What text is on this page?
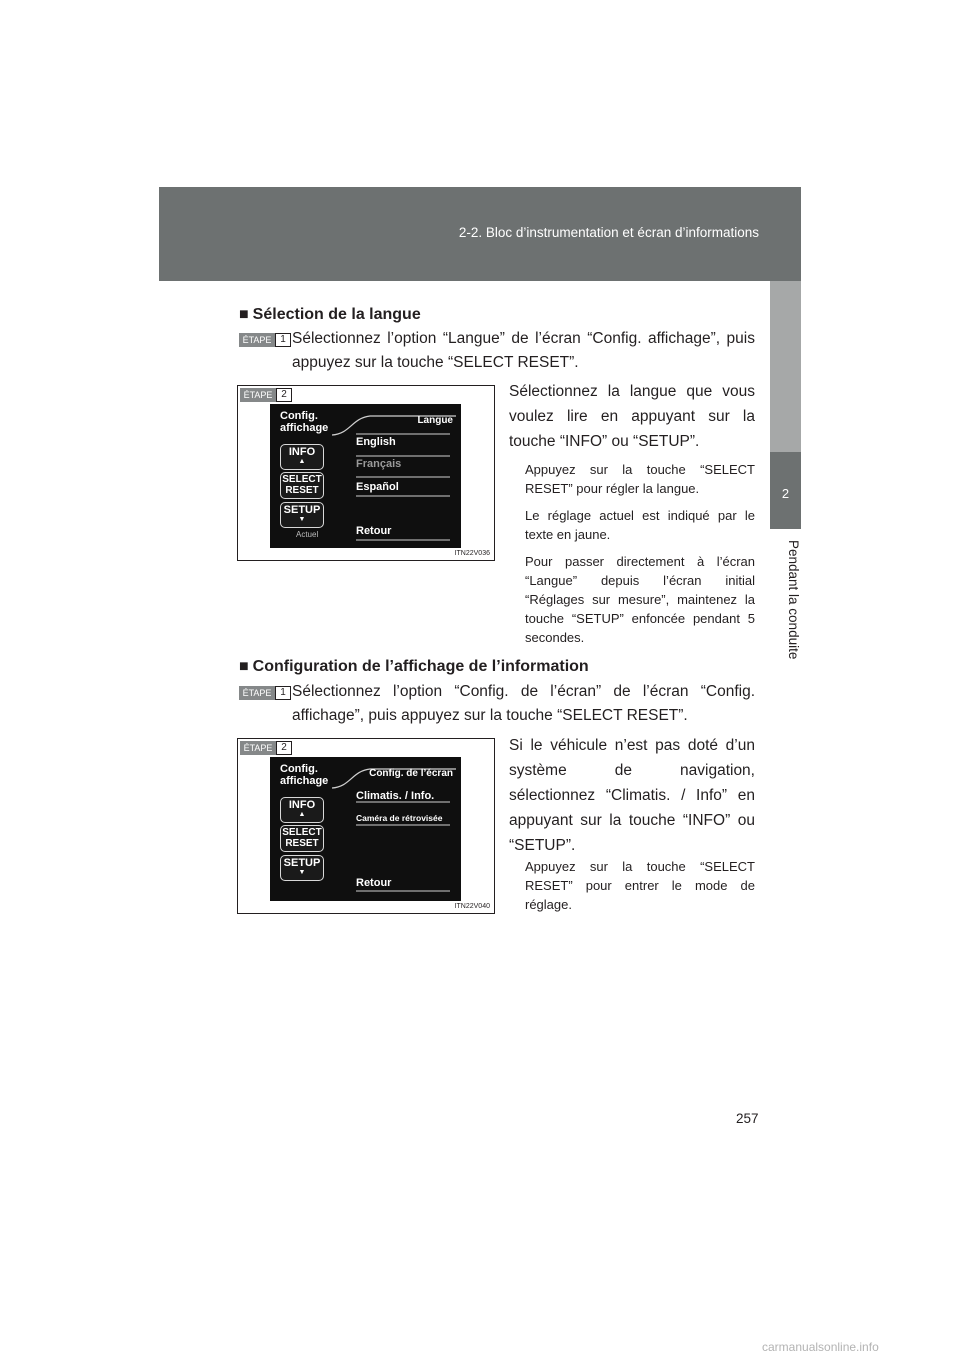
2-2. Bloc d’instrumentation et écran d’informations
2
Pendant la conduite
■ Sélection de la langue
ÉTAPE 1 Sélectionnez l’option “Langue” de l’écran “Config. affichage”, puis appuyez sur la touche “SELECT RESET”.
ÉTAPE 2
Config.
affichage
Langue
INFO
▲
SELECT
RESET
SETUP
▼
Actuel
English
Français
Español
Retour
ITN22V036
Sélectionnez la langue que vous voulez lire en appuyant sur la touche “INFO” ou “SETUP”.
Appuyez sur la touche “SELECT RESET” pour régler la langue.
Le réglage actuel est indiqué par le texte en jaune.
Pour passer directement à l’écran “Langue” depuis l’écran initial “Réglages sur mesure”, maintenez la touche “SETUP” enfoncée pendant 5 secondes.
■ Configuration de l’affichage de l’information
ÉTAPE 1 Sélectionnez l’option “Config. de l’écran” de l’écran “Config. affichage”, puis appuyez sur la touche “SELECT RESET”.
ÉTAPE 2
Config.
affichage
Config. de l’écran
INFO
▲
SELECT
RESET
SETUP
▼
Climatis. / Info.
Caméra de rétrovisée
Retour
ITN22V040
Si le véhicule n’est pas doté d’un système de navigation, sélectionnez “Climatis. / Info” en appuyant sur la touche “INFO” ou “SETUP”.
Appuyez sur la touche “SELECT RESET” pour entrer le mode de réglage.
257
carmanualsonline.info
